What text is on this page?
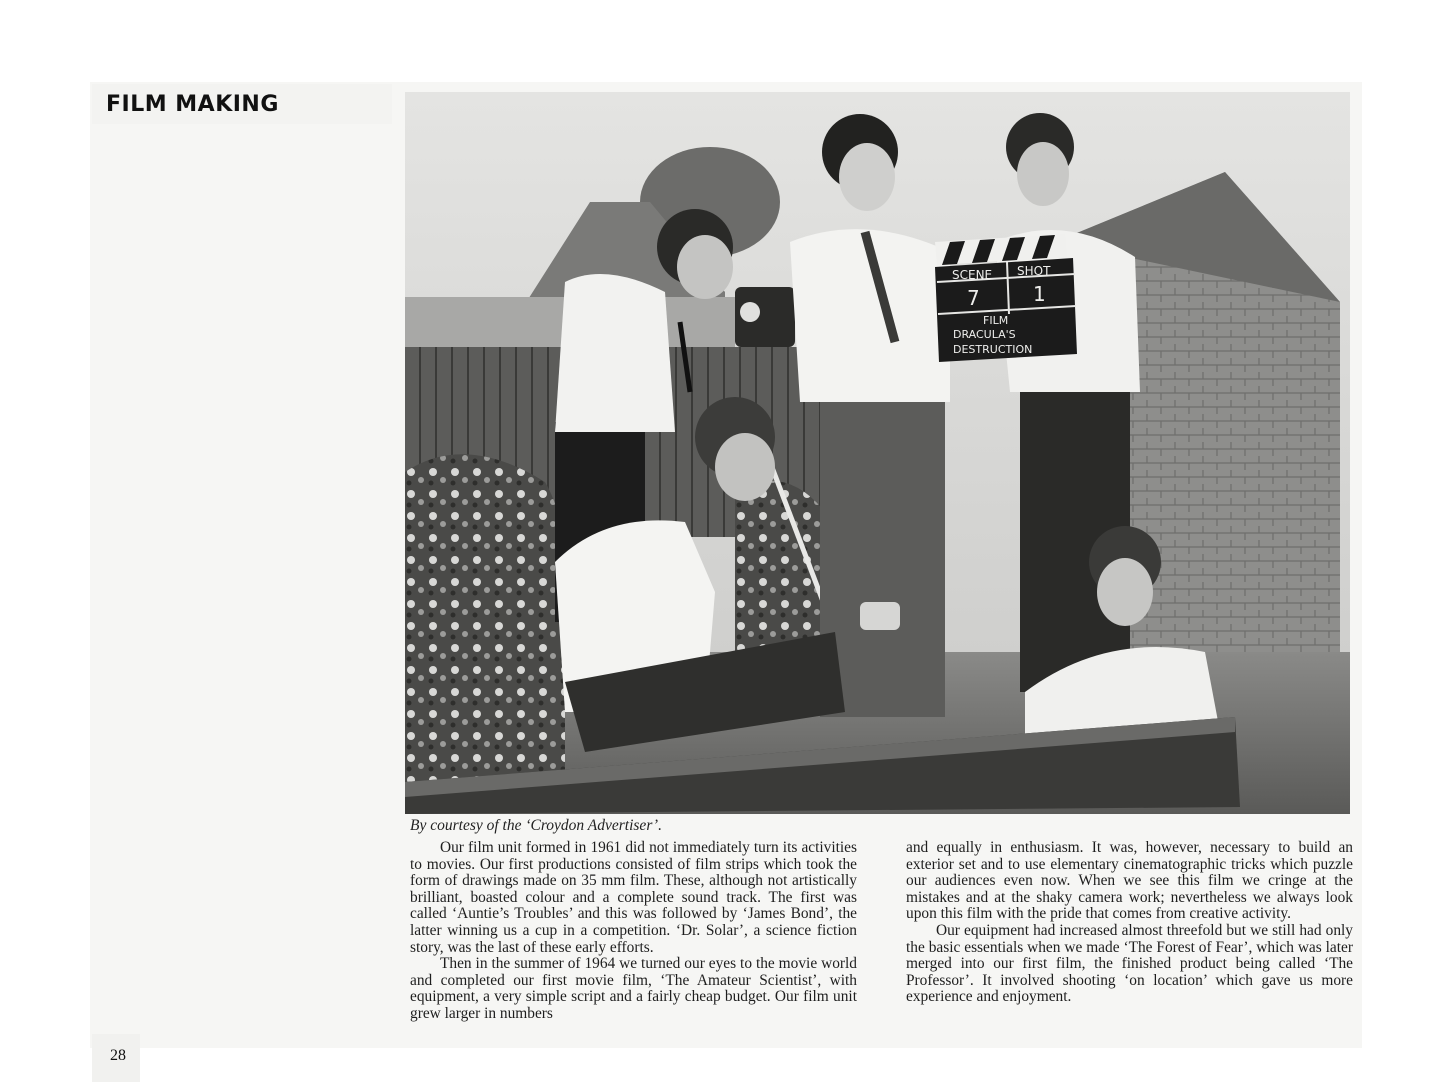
FILM MAKING
SCENE SHOT
7	1
FILM
DRACULA'S
DESTRUCTION
By courtesy of the ‘Croydon Advertiser’.

Our film unit formed in 1961 did not immediately turn its activities to movies. Our first productions consisted of film strips which took the form of drawings made on 35 mm film. These, although not artistically brilliant, boasted colour and a complete sound track. The first was called ‘Auntie’s Troubles’ and this was followed by ‘James Bond’, the latter winning us a cup in a competition. ‘Dr. Solar’, a science fiction story, was the last of these early efforts.

Then in the summer of 1964 we turned our eyes to the movie world and completed our first movie film, ‘The Amateur Scientist’, with equipment, a very simple script and a fairly cheap budget. Our film unit grew larger in numbers

and equally in enthusiasm. It was, however, necessary to build an exterior set and to use elementary cinematographic tricks which puzzle our audiences even now. When we see this film we cringe at the mistakes and at the shaky camera work; nevertheless we always look upon this film with the pride that comes from creative activity.

Our equipment had increased almost threefold but we still had only the basic essentials when we made ‘The Forest of Fear’, which was later merged into our first film, the finished product being called ‘The Professor’. It involved shooting ‘on location’ which gave us more experience and enjoyment.

28
